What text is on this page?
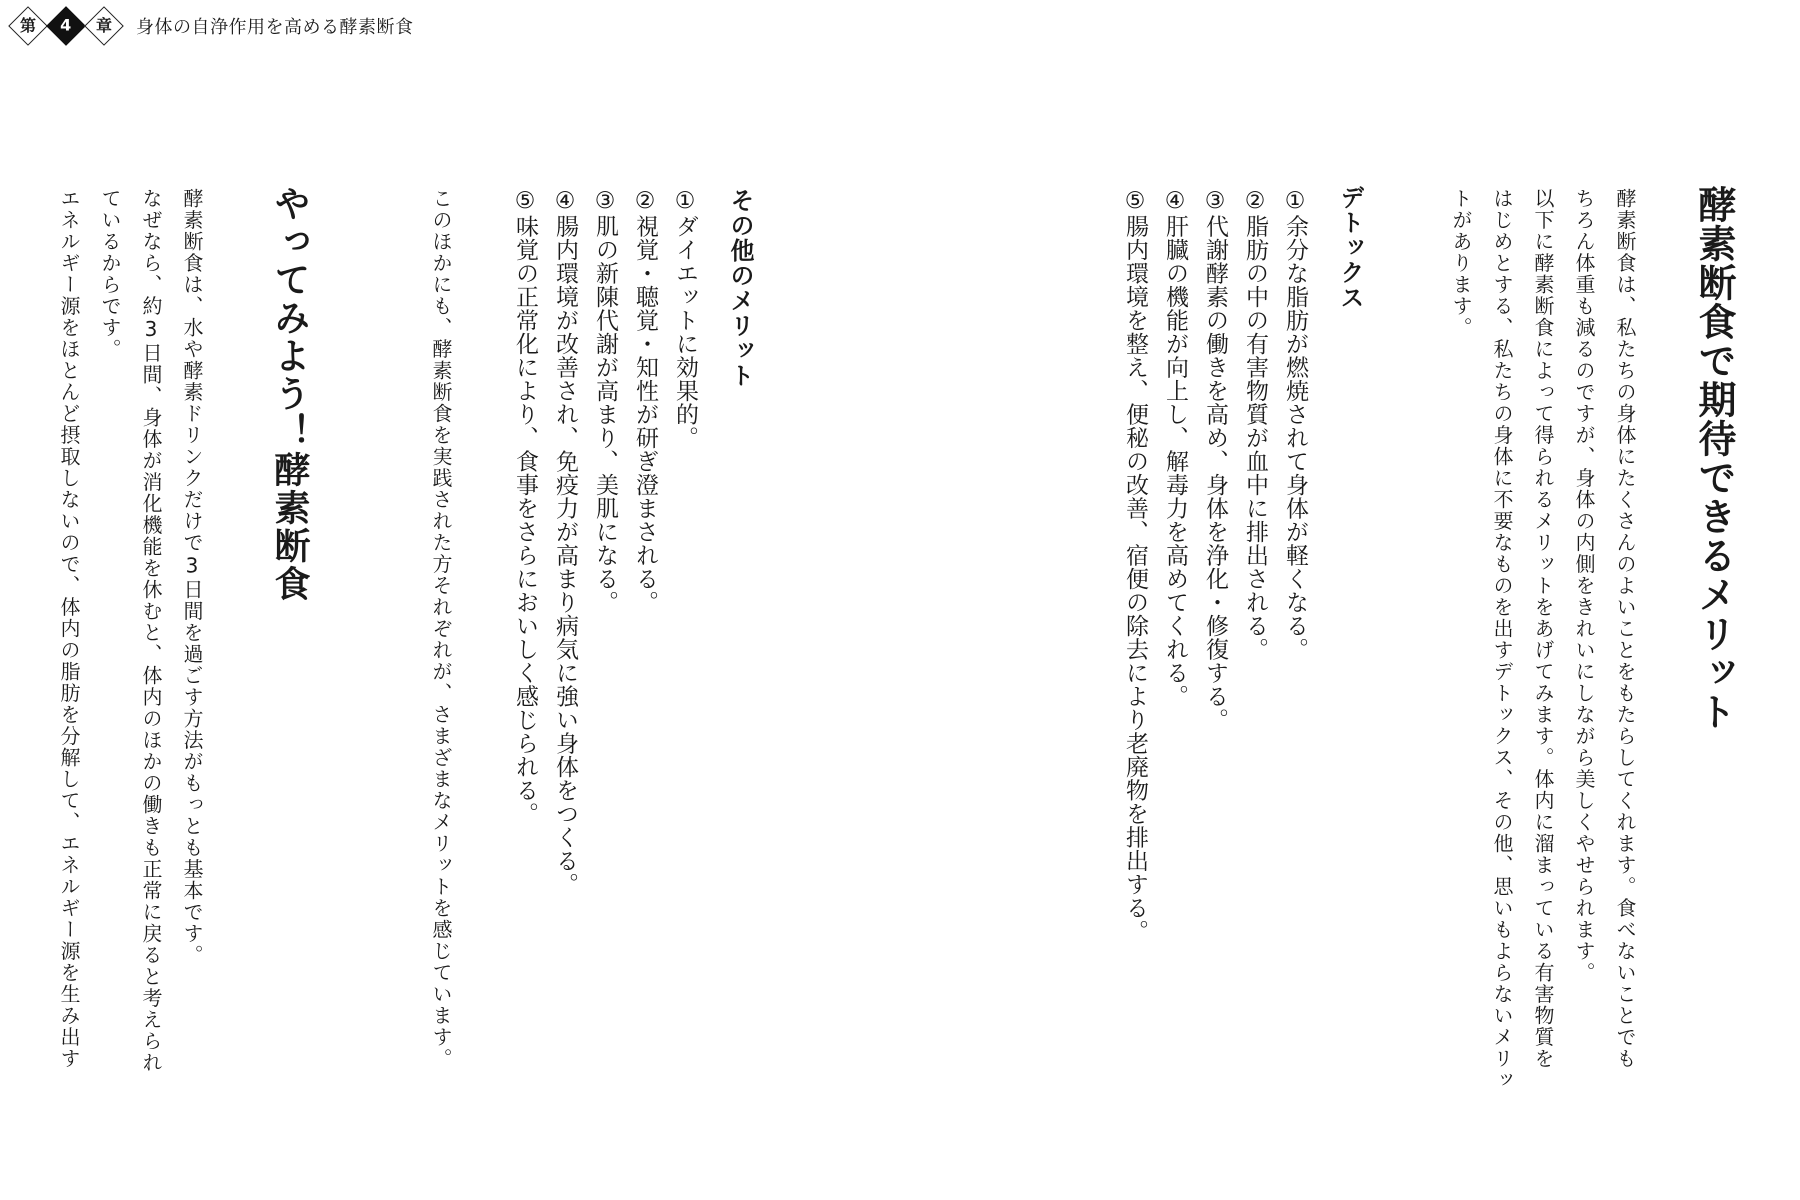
第 4 章 身体の自浄作用を高める酵素断食
酵素断食で期待できるメリット
酵素断食は、私たちの身体にたくさんのよいことをもたらしてくれます。食べないことでも
ちろん体重も減るのですが、身体の内側をきれいにしながら美しくやせられます。
以下に酵素断食によって得られるメリットをあげてみます。体内に溜まっている有害物質を
はじめとする、私たちの身体に不要なものを出すデトックス、その他、思いもよらないメリッ
トがあります。
デトックス
①余分な脂肪が燃焼されて身体が軽くなる。
②脂肪の中の有害物質が血中に排出される。
③代謝酵素の働きを高め、身体を浄化・修復する。
④肝臓の機能が向上し、解毒力を高めてくれる。
⑤腸内環境を整え、便秘の改善、宿便の除去により老廃物を排出する。
その他のメリット
①ダイエットに効果的。
②視覚・聴覚・知性が研ぎ澄まされる。
③肌の新陳代謝が高まり、美肌になる。
④腸内環境が改善され、免疫力が高まり病気に強い身体をつくる。
⑤味覚の正常化により、食事をさらにおいしく感じられる。
このほかにも、酵素断食を実践された方それぞれが、さまざまなメリットを感じています。
やってみよう！酵素断食
酵素断食は、水や酵素ドリンクだけで3日間を過ごす方法がもっとも基本です。
なぜなら、約3日間、身体が消化機能を休むと、体内のほかの働きも正常に戻ると考えられ
ているからです。
エネルギー源をほとんど摂取しないので、体内の脂肪を分解して、エネルギー源を生み出す
